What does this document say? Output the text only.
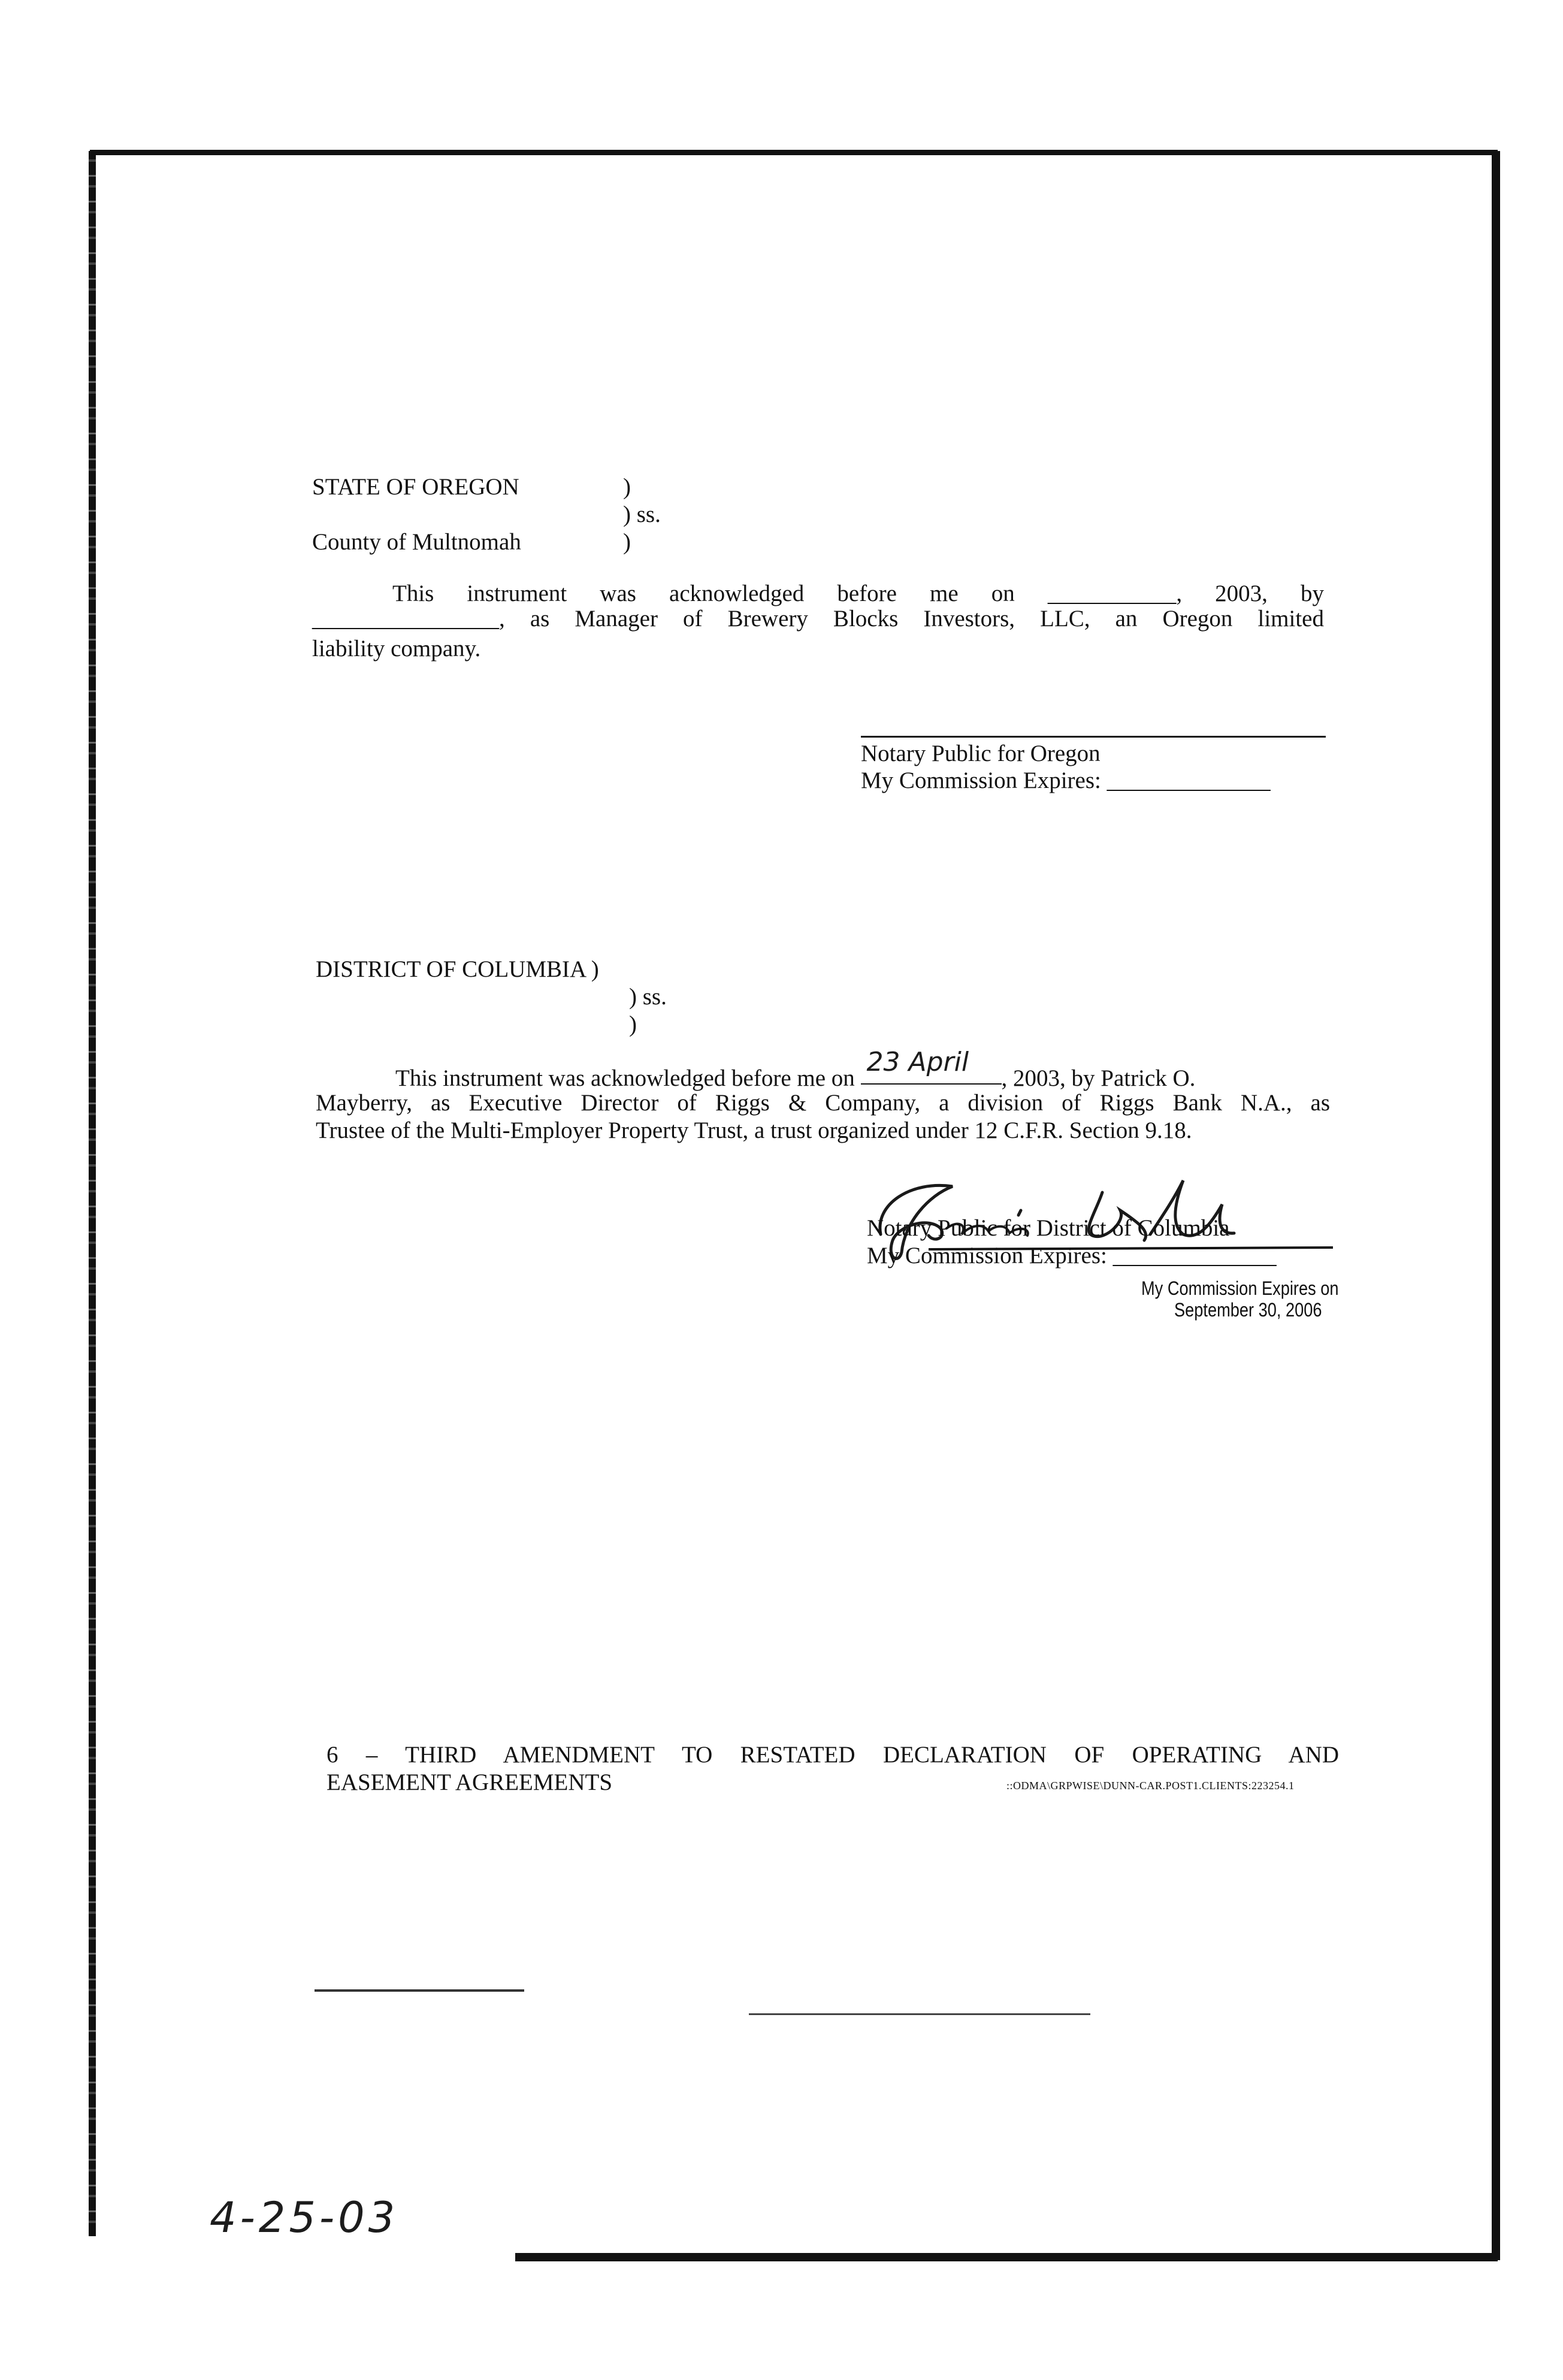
STATE OF OREGON	)
) ss.
County of Multnomah	)
This instrument was acknowledged before me on ___________, 2003, by
________________, as Manager of Brewery Blocks Investors, LLC, an Oregon limited
liability company.
Notary Public for Oregon
My Commission Expires: ______________
DISTRICT OF COLUMBIA )
) ss.
)
This instrument was acknowledged before me on
23 April
, 2003, by Patrick O.
Mayberry, as Executive Director of Riggs & Company, a division of Riggs Bank N.A., as
Trustee of the Multi-Employer Property Trust, a trust organized under 12 C.F.R. Section 9.18.
Notary Public for District of Columbia
My Commission Expires: ______________
My Commission Expires on
September 30, 2006
6 – THIRD AMENDMENT TO RESTATED DECLARATION OF OPERATING AND
EASEMENT AGREEMENTS	::ODMA\GRPWISE\DUNN-CAR.POST1.CLIENTS:223254.1
4-25-03
